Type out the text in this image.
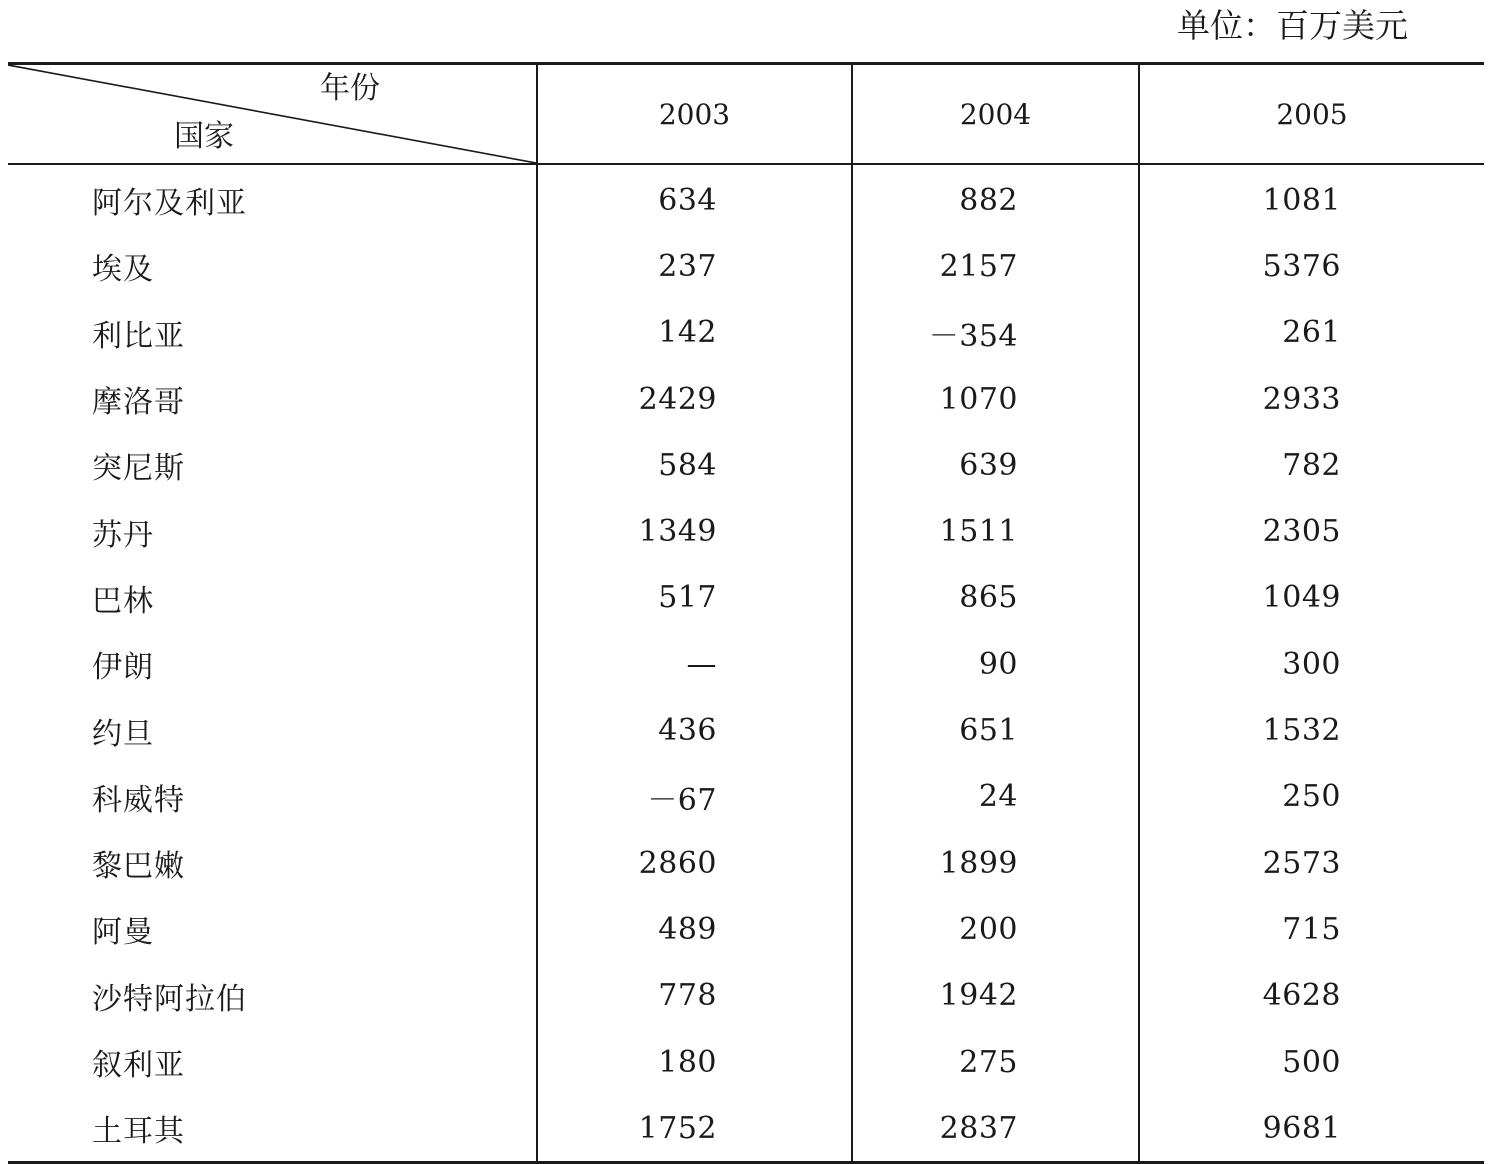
单位：百万美元
年份
国家	2003	2004	2005
阿尔及利亚	634	882	1081
埃及	237	2157	5376
利比亚	142	－354	261
摩洛哥	2429	1070	2933
突尼斯	584	639	782
苏丹	1349	1511	2305
巴林	517	865	1049
伊朗	—	90	300
约旦	436	651	1532
科威特	－67	24	250
黎巴嫩	2860	1899	2573
阿曼	489	200	715
沙特阿拉伯	778	1942	4628
叙利亚	180	275	500
土耳其	1752	2837	9681
